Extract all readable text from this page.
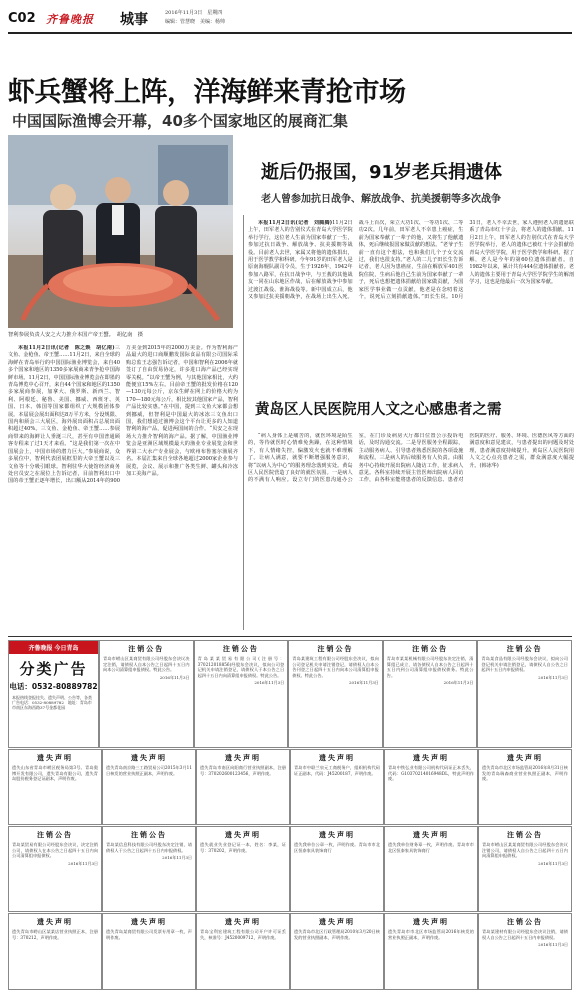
C02 齐鲁晚报 城事	2016年11月3日　星期四
编辑：管慧晓　美编：杨帅
虾兵蟹将上阵，洋海鲜来青抢市场
中国国际渔博会开幕，40多个国家地区的展商汇集
智利参展负责人安之大力推介本国产帝王蟹。　胡亿南　摄
逝后仍报国，91岁老兵捐遗体
老人曾参加抗日战争、解放战争、抗美援朝等多次战争

本报11月2日讯(记者　陈之焕　胡亿南)三文鱼、金枪鱼、帝王蟹……11月2日，来自全球的海鲜在青岛举行的中国国际渔业博览会，来自40多个国家和地区的1350多家展商来青争抢中国海鲜市场。11月2日，中国国际渔业博览会在即墨的青岛博览中心召开，来自44个国家和地区的1350多家展商参展，加拿大、俄罗斯、新西兰、智利、阿根廷、秘鲁、美国、挪威、西班牙、英国、日本、韩国等国家都组织了大规模团体参展。本届展会展出面积达8万平方米，分设规限、国内和须会三大展区，海外展出面积占总展出面积超过40%。三文鱼、金枪鱼、帝王蟹……参展商带来的海鲜让人垂涎三尺，甚至有中国普通顾客专程来了过1天才来看。“这是我们第一次在中国展会上，中国市场的潜力巨大。”参展商说，众多展位中，智利代表团展框里的大帝王蟹以及三文鱼等十分吸引眼球。智利驻华大使馆经济商务处官员安之在展位上告诉记者，目前智利出口中国的帝王蟹正逐年增长，出口额从2014年的900万美金到2015年的2000万美金。作为智利海产品最大的进口商顺鹏发国际食品有限公司国际采购总监王志强告诉记者，中国和智利在2006年就签订了自由贸易协定，许多进口海产品已经实现零关税。“以帝王蟹为例，与其他国家相比，大约能便宜15%左右。目前帝王蟹的批发价格在120—130元每公斤，京东生鲜在网上的价格大约为170—180元每公斤，相比较其他国家产品，智利产品比较实惠。”在中国，提到三文鱼大家都会想到挪威，但智利是中国最大的冰冻三文鱼出口国，我们想通过渔博会这个平台让更多的人知道智利的海产品，促进两国间的合作。“贝安之在现场大力推介智利的海产品。据了解，中国渔业博览会是亚洲区域规模最大的渔业专业展览会和世界第二大水产专业展会，与欧州布鲁塞尔渔展齐名。本届汇集来自全球各地超过2000家企业参与展览，会议、展示和推广各类生鲜、罐头和冷冻加工美海产品。

本报11月2日讯(记者　刘腾腾)11月2日上午，田军老人的告别仪式在青岛大学医学院举行学行，这位老人生前为国家奉献了一生，参加过抗日战争、解放战争、抗美援朝等战役。目前老人去世，家属又将他的遗体捐出，用于医学教学和科研。今年91岁的田军老人是原南海舰队副司令员，生于1926年，1942年参加八路军，在抗日战争中，与王莪的其他战友一同在山东地区作战，后在解放战争中参加过渡江战役、淮海战役等。新中国成立后，他又参加过抗美援朝战争，在战场上出生入死。战斗上百次，荣立大功1次、一等功1次、二等功2次。几年前，田军老人不幸患上癌症，生前为国家奉献了一辈子的他，又将生了他献遗体，死后继续报国家做贡献的想法。“老爷子生前一直有这个想法，也和我们几个子女交流过，我们也很支持。”老人的二儿子田长生告诉记者，老人因为患癌症，生前在解放军401医院住院，生病后他自己生前为国家奉献了一辈子，死后也想把遗体捐献给国家做贡献，为国家医学事业做一点贡献，他老是在念叨着这个，说死后立刻捐献遗体。”田长生说。10月31日，老人不幸去世，家人遵照老人的遗愿联系了青岛市红十字会，将老人的遗体捐献。11月2日上午，田军老人的告别仪式在青岛大学医学院举行，老人的遗体已被红十字会捐献给青岛大学医学院，用于医学教学和科研。据了解，老人是今年的第60位遗体捐献者。自1982年以来，累计共有444位遗体捐献者。老人的遗体主要用于青岛大学医学院学生的解剖学习，这也是他最后一次为国家奉献。

黄岛区人民医院用人文之心感患者之需

“病人身体上是痛苦的，就医环境是陌生的，等待就医时心情难免焦躁，在这种情境下，有人情绪失控，偏激发火也就不难理解了。让病人满意，就要不断增强服务意识，将“以病人为中心”的服务理念落到实处。黄岛区人民医院营造了良好的就医氛围。一是病人的不满有人响应。设立专门的医患沟通办公室，在门诊及病房大厅都日位置公示投诉电话，及时沟通交流。二是导医服务全程跟踪，主动服务病人、引导患者熟悉医院的各项设施和流程。三是病人的后续服务有人负责。由服务中心持续开展出院病人随访工作，征求病人意见。各科室持续开展主管医师出院病人回访工作，由各科室能将患者的反馈信息、患者对医院的医疗、服务、环境、医德医风等方面的满意度和意见建议，与患者提出的问题及时处理，患者满意度持续提升。黄岛区人民医院用人文之心点亮患者之需，群众满意度大幅提升。(韩冰华)

齐鲁晚报 今日青岛
分类广告
电话：0532-80889782
本报热线登报挂失、遗失声明、公告等，各类广告电话：0532-80889782　地址：青岛市市南区东海西路37号金都花园
注销公告
青岛市崂山区某商贸有限公司经股东会决议决定注销，请债权人自本公告之日起四十五日内向本公司清算组申报债权。特此公告。
2016年11月3日
注销公告
青岛某某贸易有限公司(注册号：370212018856)经股东会决议，拟向公司登记机关申请注销登记，请债权人于本公告之日起四十五日内向清算组申报债权。特此公告。
2016年11月3日
注销公告
青岛某建筑工程有限公司经股东会决议，拟向公司登记机关申请注销登记，请债权人自本公告刊登之日起四十五日内向本公司清算组申报债权。特此公告。
2016年11月3日
注销公告
青岛市某某机械有限公司经股东决定注销，清算组已成立，请各债权人自本公告之日起四十五日内到公司清算组申报债权债务。特此公告。
2016年11月3日
注销公告
青岛某食品有限公司经股东会决议，拟向公司登记机关申请注销登记，请债权人自公告之日起四十五日内申报债权。
2016年11月3日
遗失声明
遗失山东省青岛市崂区税务局第3号。青岛奥博开发有限公司，遗失青岛有限公司，遗失青岛股份税务登记证副本，声明作废。
遗失声明
遗失青岛南京路三工路贸易公司2015年3月11日核发的营业执照正副本，声明作废。
遗失声明
遗失青岛市南区向阳商行营业执照副本，注册号：370202600123456，声明作废。
遗失声明
青岛市中联兰泉元工商税务户，组织机构代码证正副本，代码：J45200187，声明作废。
遗失声明
青岛中铁弘业有限公司机构代码证正本丢失，代码：G10370214016948DL，特此声明作废。
遗失声明
遗失青岛市北区市场监管局2016年8月31日核发的青岛瑞森商业营业执照正副本，声明作废。
注销公告
青岛某贸易有限公司经股东会决议，决定注销公司，请债权人在本公告之日起四十五日内向公司清算组申报债权。
2016年11月3日
注销公告
青岛某信息科技有限公司经股东决定注销，请债权人于公告之日起四十五日内申报债权。
2016年11月3日
遗失声明
遗失就业失业登记证一本，姓名：李某，证号：370202，声明作废。
遗失声明
遗失我单位公章一枚，声明作废。青岛市市北区恒泰家具装饰商行
遗失声明
遗失我单位财务章一枚，声明作废。青岛市市北区恒泰家具装饰商行
注销公告
青岛市崂山区某某商贸有限公司经股东会决议注销公司，请债权人自公告之日起四十五日内向清算组申报债权。
2016年11月3日
遗失声明
遗失青岛市崂山区某某店营业执照正本，注册号：370212，声明作废。
遗失声明
遗失青岛某商贸有限公司发票专用章一枚，声明作废。
遗失声明
青岛宝利宏建筑工程有限公司开户许可证丢失，核准号：J4520009712，声明作废。
遗失声明
遗失青岛市北区行政管理局2010年3月20日核发的营业执照副本，声明作废。
遗失声明
遗失青岛市市北区市场监管局2016年核发的营业执照正副本，声明作废。
注销公告
青岛某建材有限公司经股东会决议注销，请债权人自公告之日起四十五日内申报债权。
2016年11月3日
